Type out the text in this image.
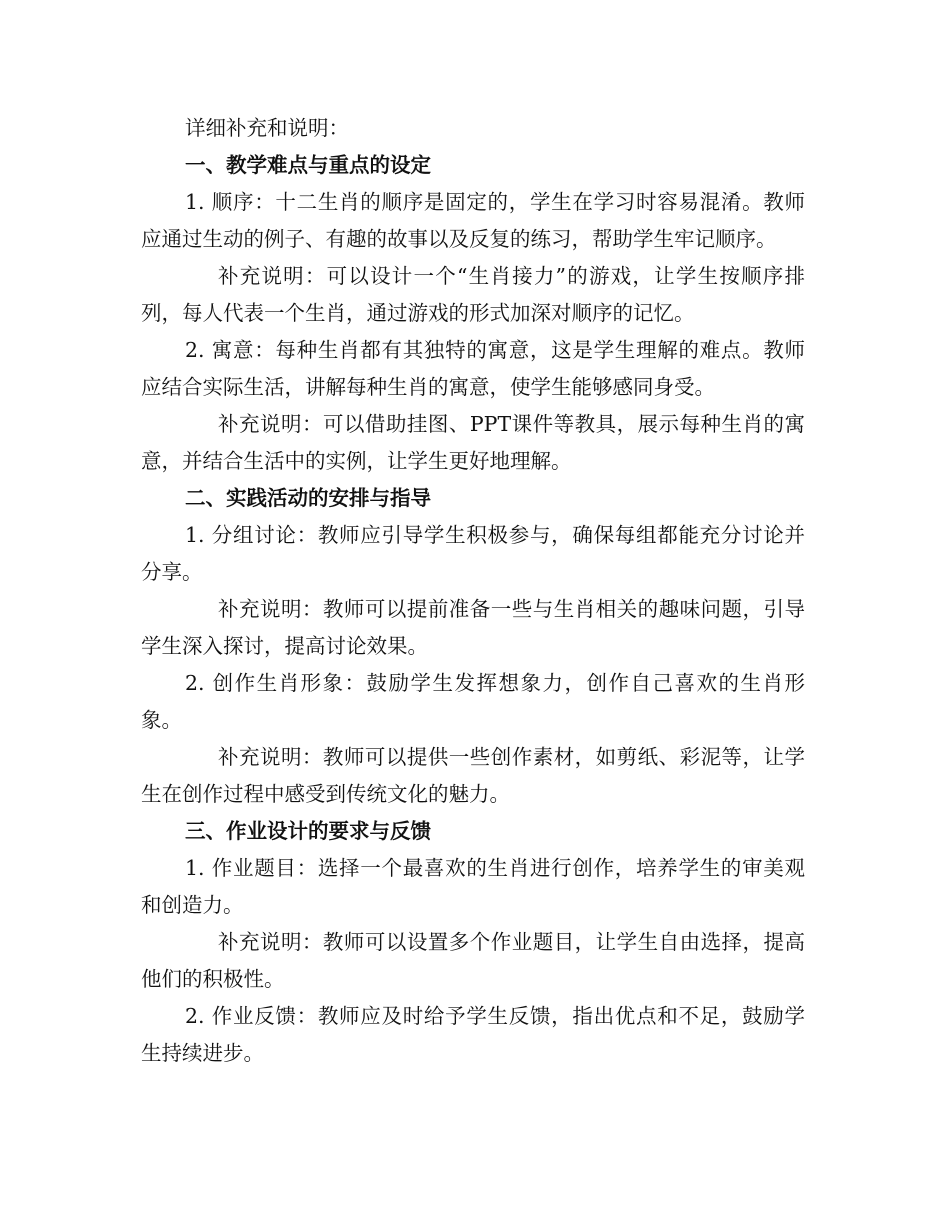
详细补充和说明：

一、教学难点与重点的设定

1. 顺序：十二生肖的顺序是固定的，学生在学习时容易混淆。教师应通过生动的例子、有趣的故事以及反复的练习，帮助学生牢记顺序。

补充说明：可以设计一个“生肖接力”的游戏，让学生按顺序排列，每人代表一个生肖，通过游戏的形式加深对顺序的记忆。

2. 寓意：每种生肖都有其独特的寓意，这是学生理解的难点。教师应结合实际生活，讲解每种生肖的寓意，使学生能够感同身受。

补充说明：可以借助挂图、PPT课件等教具，展示每种生肖的寓意，并结合生活中的实例，让学生更好地理解。

二、实践活动的安排与指导

1. 分组讨论：教师应引导学生积极参与，确保每组都能充分讨论并分享。

补充说明：教师可以提前准备一些与生肖相关的趣味问题，引导学生深入探讨，提高讨论效果。

2. 创作生肖形象：鼓励学生发挥想象力，创作自己喜欢的生肖形象。

补充说明：教师可以提供一些创作素材，如剪纸、彩泥等，让学生在创作过程中感受到传统文化的魅力。

三、作业设计的要求与反馈

1. 作业题目：选择一个最喜欢的生肖进行创作，培养学生的审美观和创造力。

补充说明：教师可以设置多个作业题目，让学生自由选择，提高他们的积极性。

2. 作业反馈：教师应及时给予学生反馈，指出优点和不足，鼓励学生持续进步。
